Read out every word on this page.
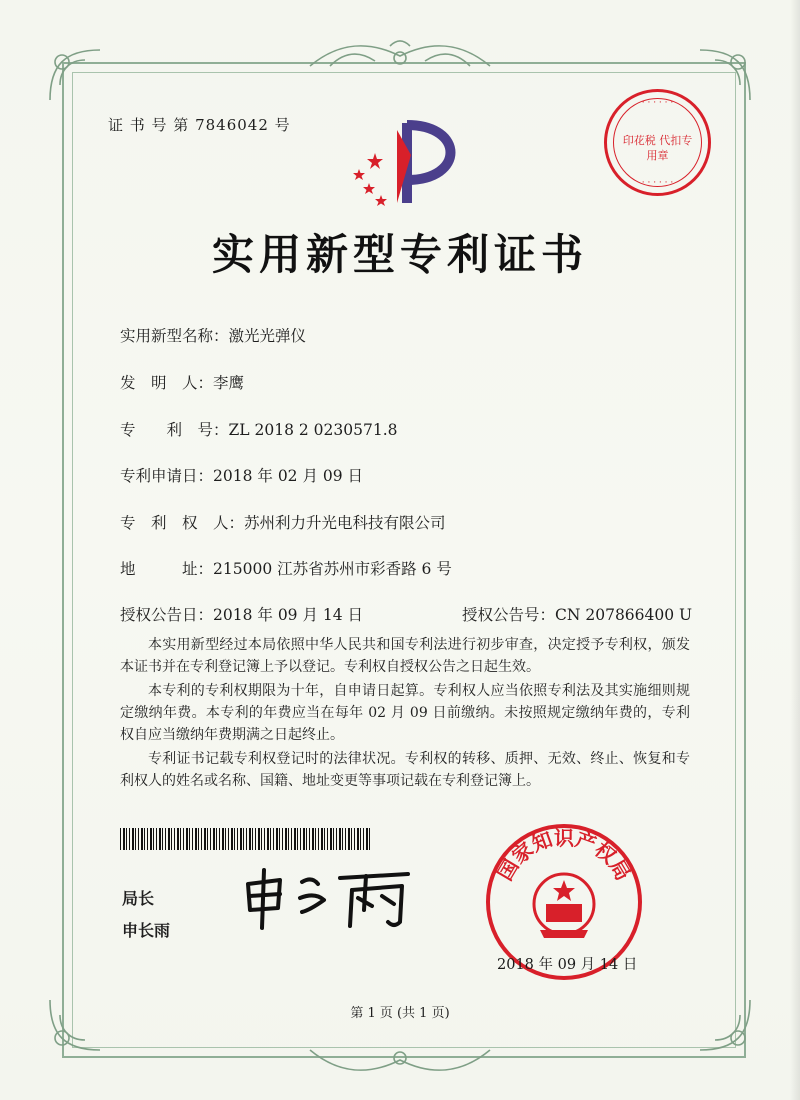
证 书 号 第 7846042 号
· · · · · ·
· · · · · ·
印花税 代扣专用章
实用新型专利证书
实用新型名称：激光光弹仪
发　明　人：李鹰
专　　利　号：ZL 2018 2 0230571.8
专利申请日：2018 年 02 月 09 日
专　利　权　人：苏州利力升光电科技有限公司
地　　　址：215000 江苏省苏州市彩香路 6 号
授权公告日：2018 年 09 月 14 日	授权公告号：CN 207866400 U

本实用新型经过本局依照中华人民共和国专利法进行初步审查，决定授予专利权，颁发本证书并在专利登记簿上予以登记。专利权自授权公告之日起生效。

本专利的专利权期限为十年，自申请日起算。专利权人应当依照专利法及其实施细则规定缴纳年费。本专利的年费应当在每年 02 月 09 日前缴纳。未按照规定缴纳年费的，专利权自应当缴纳年费期满之日起终止。

专利证书记载专利权登记时的法律状况。专利权的转移、质押、无效、终止、恢复和专利权人的姓名或名称、国籍、地址变更等事项记载在专利登记簿上。

局长
申长雨
国家知识产权局
2018 年 09 月 14 日
第 1 页 (共 1 页)
